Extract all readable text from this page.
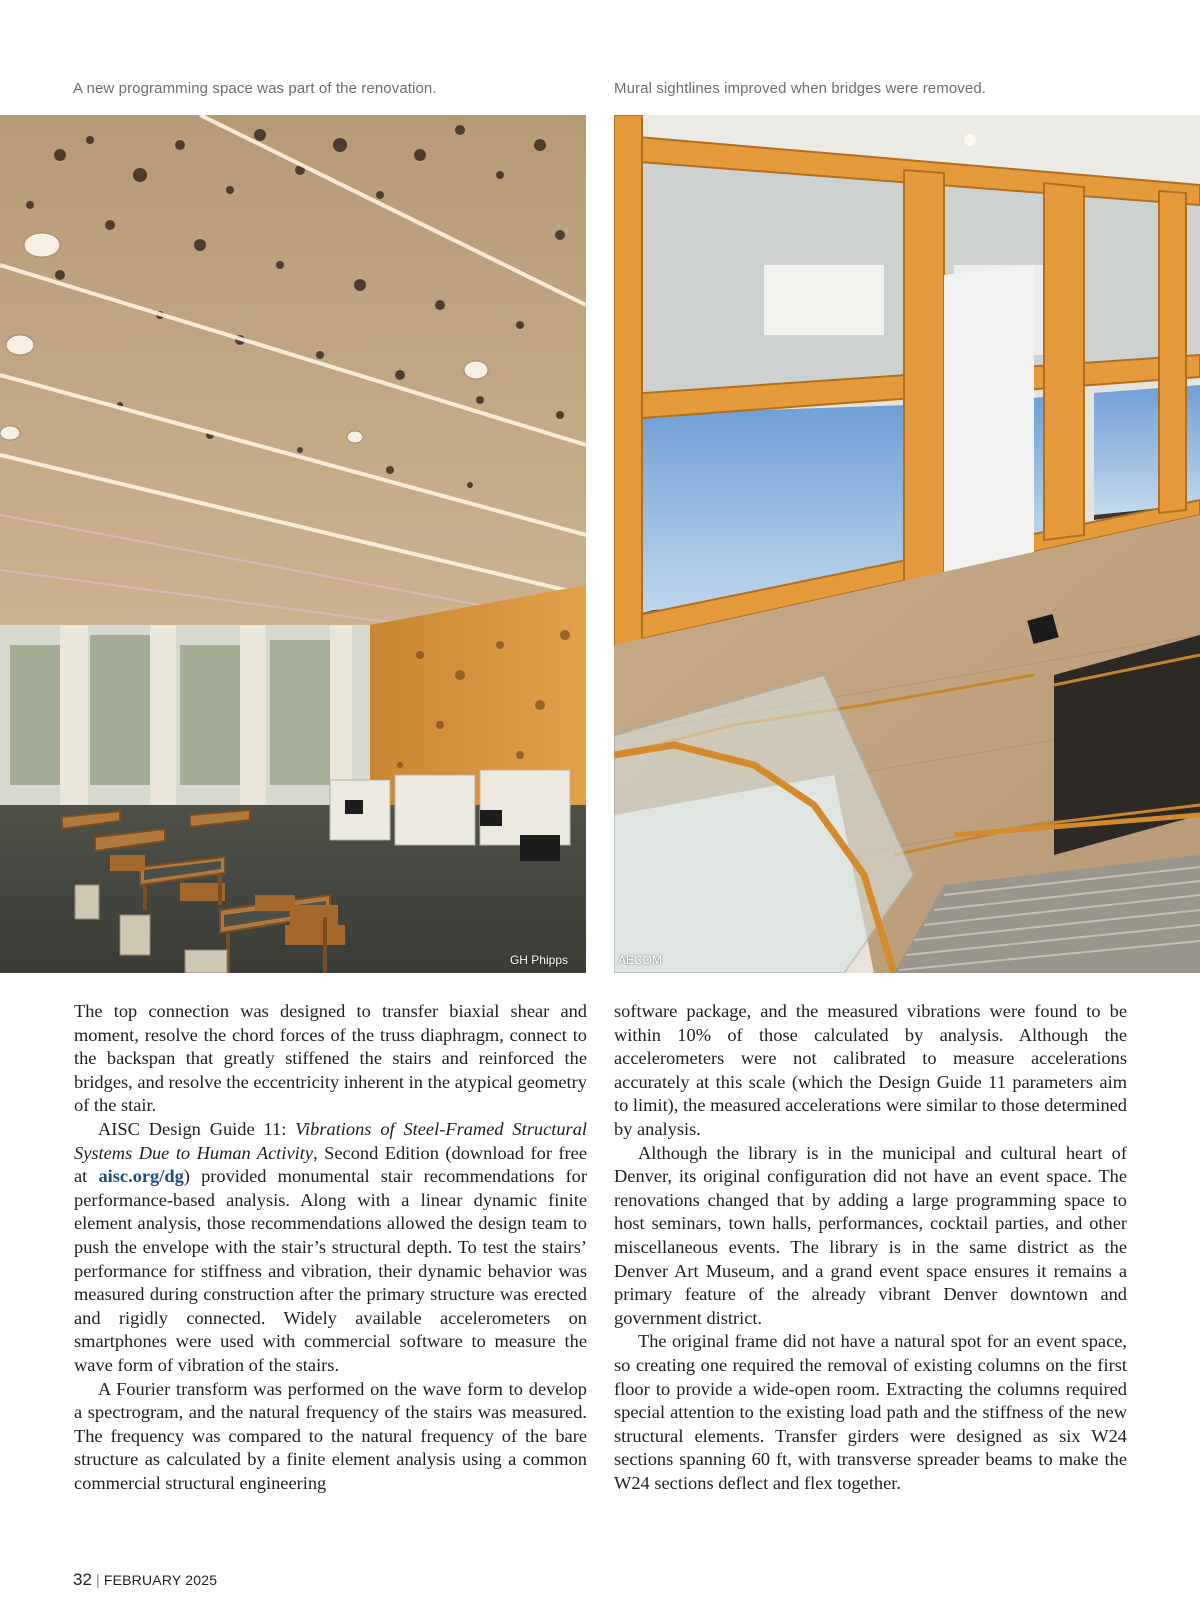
A new programming space was part of the renovation.	Mural sightlines improved when bridges were removed.
GH Phipps	AECOM

The top connection was designed to transfer biaxial shear and moment, resolve the chord forces of the truss diaphragm, connect to the backspan that greatly stiffened the stairs and reinforced the bridges, and resolve the eccentricity inherent in the atypical geometry of the stair.

AISC Design Guide 11: Vibrations of Steel-Framed Structural Systems Due to Human Activity, Second Edition (download for free at aisc.org/dg) provided monumental stair recommendations for performance-based analysis. Along with a linear dynamic finite element analysis, those recommendations allowed the design team to push the envelope with the stair’s structural depth. To test the stairs’ performance for stiffness and vibration, their dynamic behavior was measured during construction after the primary structure was erected and rigidly connected. Widely available accelerometers on smartphones were used with commercial software to measure the wave form of vibration of the stairs.

A Fourier transform was performed on the wave form to develop a spectrogram, and the natural frequency of the stairs was measured. The frequency was compared to the natural frequency of the bare structure as calculated by a finite element analysis using a common commercial structural engineering

software package, and the measured vibrations were found to be within 10% of those calculated by analysis. Although the accelerometers were not calibrated to measure accelerations accurately at this scale (which the Design Guide 11 parameters aim to limit), the measured accelerations were similar to those determined by analysis.

Although the library is in the municipal and cultural heart of Denver, its original configuration did not have an event space. The renovations changed that by adding a large programming space to host seminars, town halls, performances, cocktail parties, and other miscellaneous events. The library is in the same district as the Denver Art Museum, and a grand event space ensures it remains a primary feature of the already vibrant Denver downtown and government district.

The original frame did not have a natural spot for an event space, so creating one required the removal of existing columns on the first floor to provide a wide-open room. Extracting the columns required special attention to the existing load path and the stiffness of the new structural elements. Transfer girders were designed as six W24 sections spanning 60 ft, with transverse spreader beams to make the W24 sections deflect and flex together.

32 | FEBRUARY 2025
